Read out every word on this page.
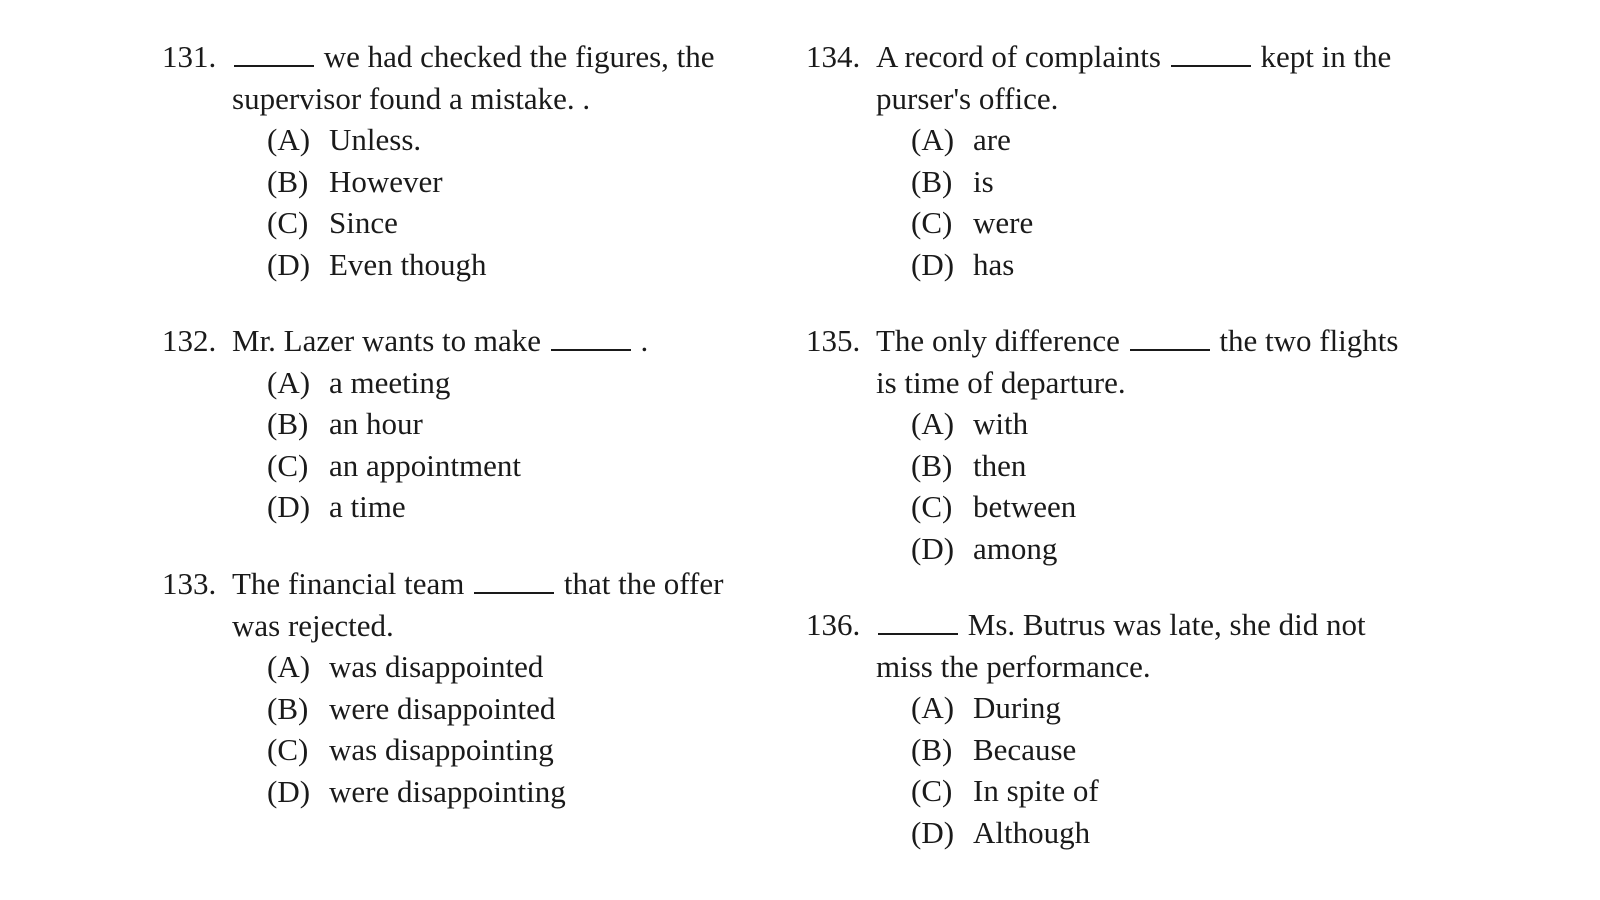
131.	we had checked the figures, the
supervisor found a mistake. .
(A) Unless.
(B) However
(C) Since
(D) Even though
132. Mr. Lazer wants to make	.
(A) a meeting
(B) an hour
(C) an appointment
(D) a time
133. The financial team	that the offer
was rejected.
(A) was disappointed
(B) were disappointed
(C) was disappointing
(D) were disappointing
134. A record of complaints	kept in the
purser's office.
(A) are
(B) is
(C) were
(D) has
135. The only difference	the two flights
is time of departure.
(A) with
(B) then
(C) between
(D) among
136.	Ms. Butrus was late, she did not
miss the performance.
(A) During
(B) Because
(C) In spite of
(D) Although
